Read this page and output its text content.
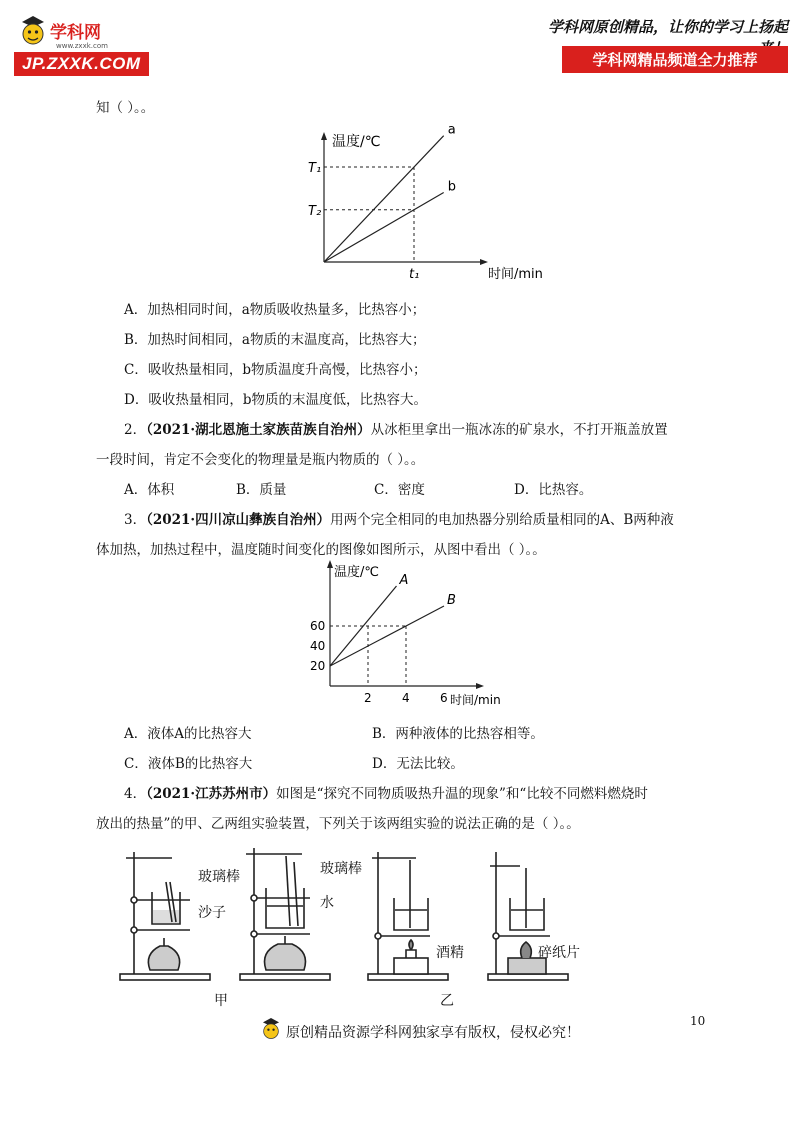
学科网
www.zxxk.com
JP.ZXXK.COM
学科网原创精品，让你的学习上扬起
学科网精品频道全力推荐
知（ ）。。
温度/℃
时间/min
a
b
T₁
T₂
t₁
A．加热相同时间，a物质吸收热量多，比热容小；
B．加热时间相同，a物质的末温度高，比热容大；
C．吸收热量相同，b物质温度升高慢，比热容小；
D．吸收热量相同，b物质的末温度低，比热容大。
2．（2021·湖北恩施土家族苗族自治州）从冰柜里拿出一瓶冰冻的矿泉水，不打开瓶盖放置
一段时间，肯定不会变化的物理量是瓶内物质的（ ）。。
A．体积	B．质量	C．密度	D．比热容。
3．（2021·四川凉山彝族自治州）用两个完全相同的电加热器分别给质量相同的A、B两种液
体加热，加热过程中，温度随时间变化的图像如图所示，从图中看出（ ）。。
温度/℃
时间/min
2	4	6
20
40
60
A
B
A．液体A的比热容大	B．两种液体的比热容相等。
C．液体B的比热容大	D．无法比较。
4．（2021·江苏苏州市）如图是“探究不同物质吸热升温的现象”和“比较不同燃料燃烧时
放出的热量”的甲、乙两组实验装置，下列关于该两组实验的说法正确的是（ ）。。
玻璃棒
沙子
玻璃棒
水
酒精	碎纸片
甲	乙
10
原创精品资源学科网独家享有版权，侵权必究！
